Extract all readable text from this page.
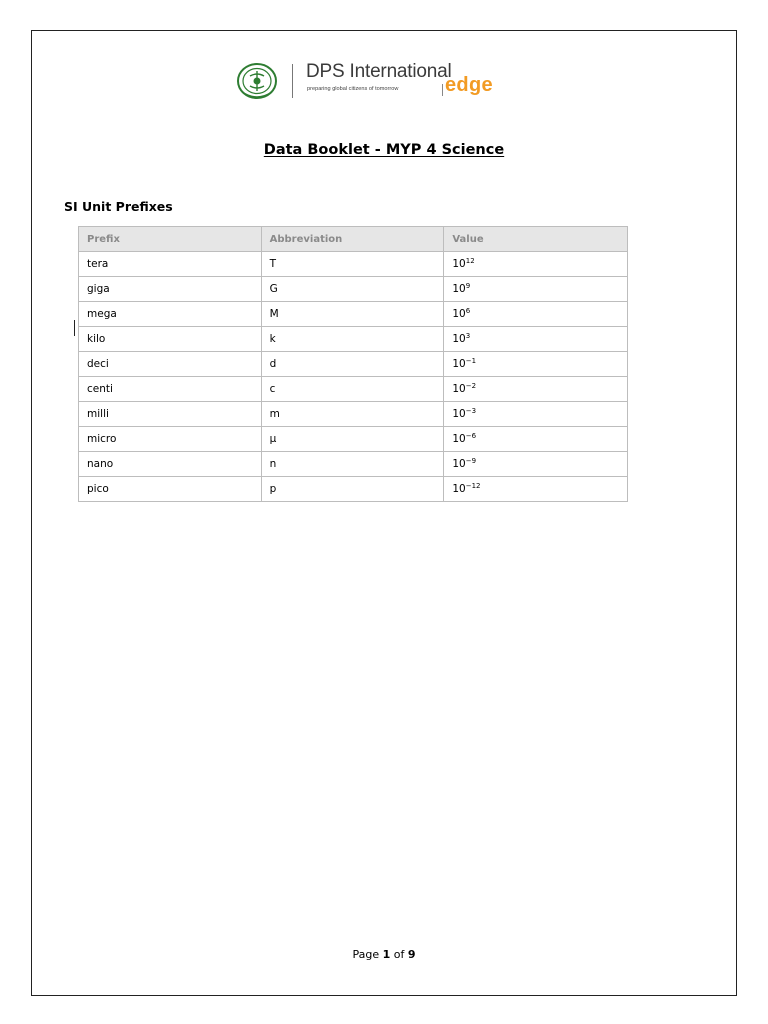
DPS International
preparing global citizens of tomorrow edge
Data Booklet - MYP 4 Science
SI Unit Prefixes
Prefix	Abbreviation	Value
tera	T	$10^{12}$
giga	G	$10^9$
mega	M	$10^6$
kilo	k	$10^3$
deci	d	$10^{-1}$
centi	c	$10^{-2}$
milli	m	$10^{-3}$
micro	μ	$10^{-6}$
nano	n	$10^{-9}$
pico	p	$10^{-12}$
Page 1 of 9
